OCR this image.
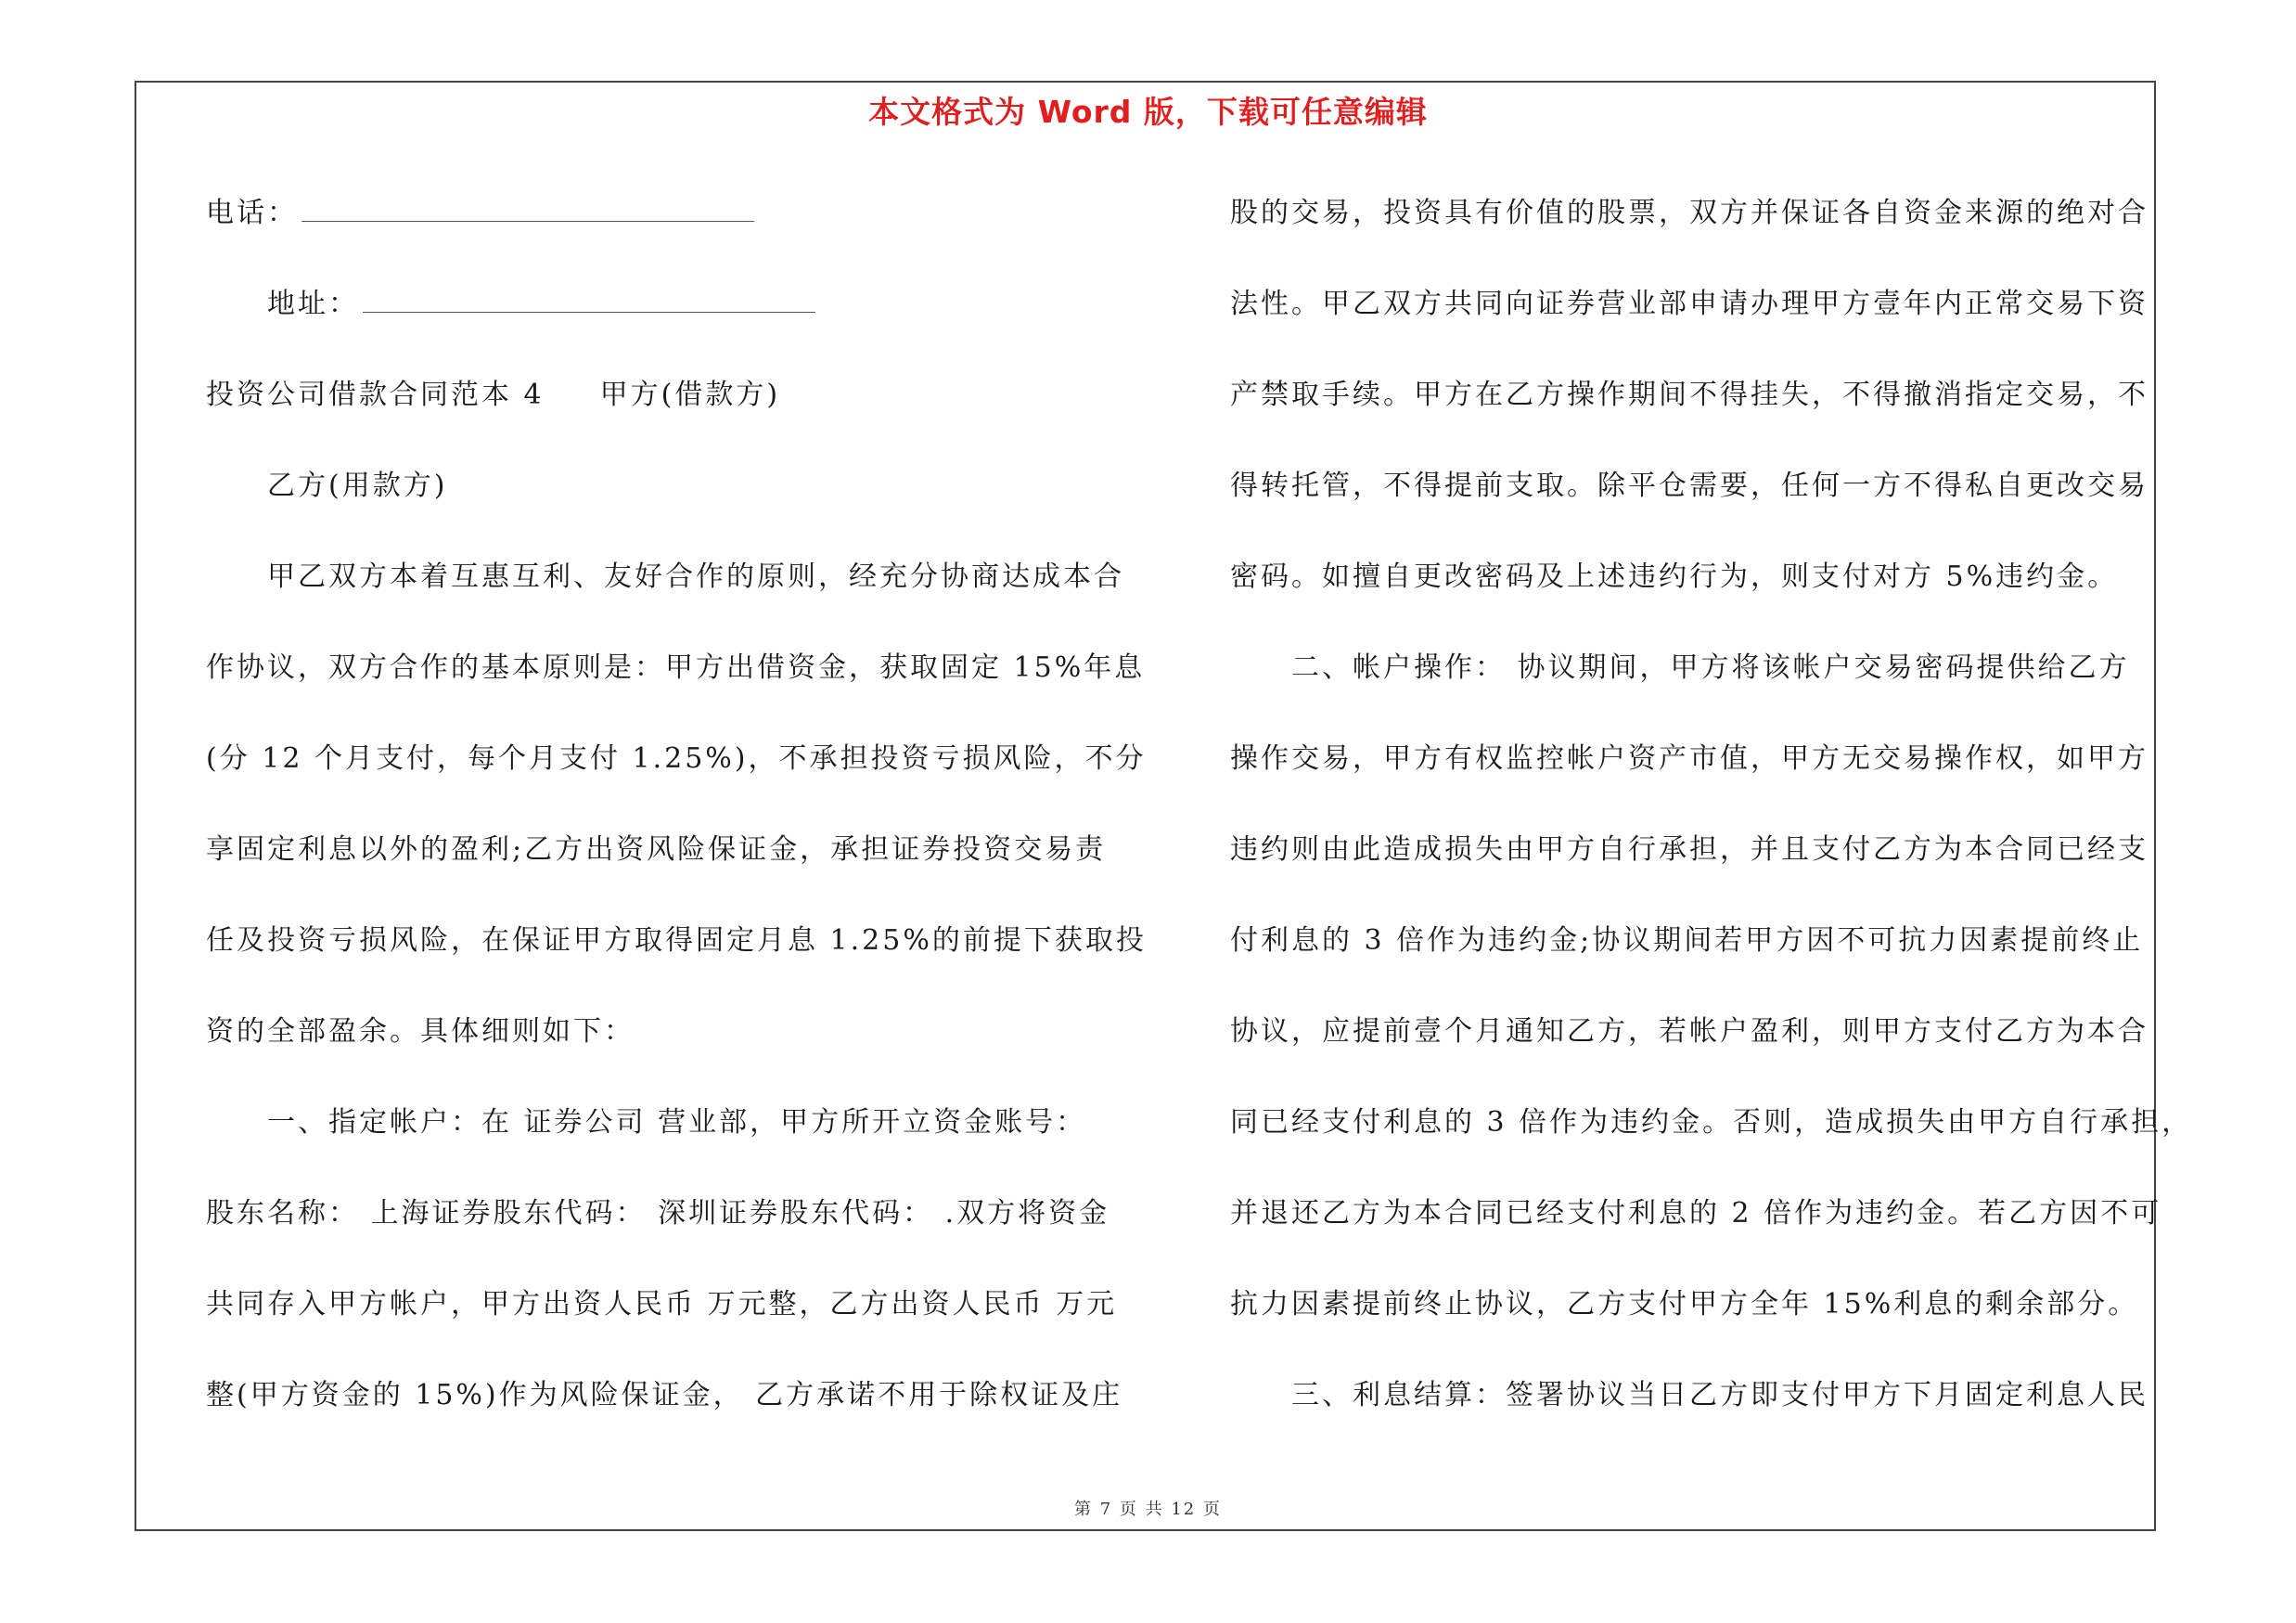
本文格式为 Word 版，下载可任意编辑
电话：
地址：
投资公司借款合同范本 4 甲方(借款方)
乙方(用款方)
甲乙双方本着互惠互利、友好合作的原则，经充分协商达成本合
作协议，双方合作的基本原则是：甲方出借资金，获取固定 15%年息
(分 12 个月支付，每个月支付 1.25%)，不承担投资亏损风险，不分
享固定利息以外的盈利;乙方出资风险保证金，承担证券投资交易责
任及投资亏损风险，在保证甲方取得固定月息 1.25%的前提下获取投
资的全部盈余。具体细则如下：
一、指定帐户：在 证券公司 营业部，甲方所开立资金账号：
股东名称： 上海证券股东代码： 深圳证券股东代码： .双方将资金
共同存入甲方帐户，甲方出资人民币 万元整，乙方出资人民币 万元
整(甲方资金的 15%)作为风险保证金， 乙方承诺不用于除权证及庄
股的交易，投资具有价值的股票，双方并保证各自资金来源的绝对合
法性。甲乙双方共同向证券营业部申请办理甲方壹年内正常交易下资
产禁取手续。甲方在乙方操作期间不得挂失，不得撤消指定交易，不
得转托管，不得提前支取。除平仓需要，任何一方不得私自更改交易
密码。如擅自更改密码及上述违约行为，则支付对方 5%违约金。
二、帐户操作： 协议期间，甲方将该帐户交易密码提供给乙方
操作交易，甲方有权监控帐户资产市值，甲方无交易操作权，如甲方
违约则由此造成损失由甲方自行承担，并且支付乙方为本合同已经支
付利息的 3 倍作为违约金;协议期间若甲方因不可抗力因素提前终止
协议，应提前壹个月通知乙方，若帐户盈利，则甲方支付乙方为本合
同已经支付利息的 3 倍作为违约金。否则，造成损失由甲方自行承担，
并退还乙方为本合同已经支付利息的 2 倍作为违约金。若乙方因不可
抗力因素提前终止协议，乙方支付甲方全年 15%利息的剩余部分。
三、利息结算：签署协议当日乙方即支付甲方下月固定利息人民
第 7 页 共 12 页
